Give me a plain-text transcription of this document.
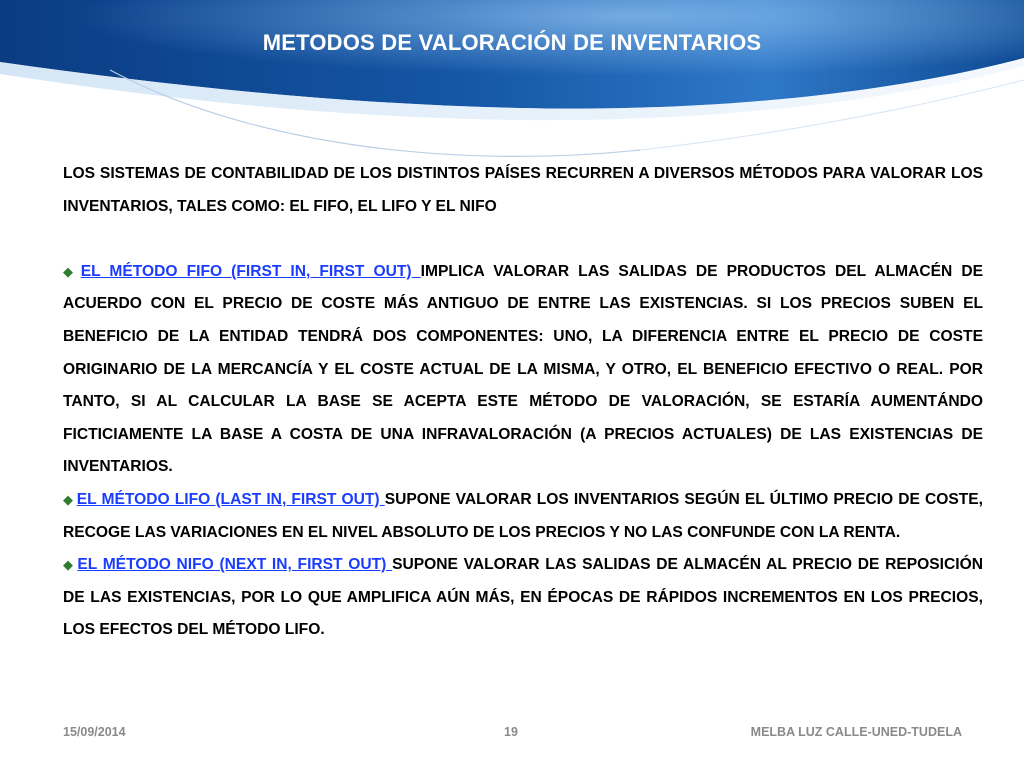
METODOS DE VALORACIÓN DE INVENTARIOS

LOS SISTEMAS DE CONTABILIDAD DE LOS DISTINTOS PAÍSES RECURREN A DIVERSOS MÉTODOS PARA VALORAR LOS INVENTARIOS, TALES COMO: EL FIFO, EL LIFO Y EL NIFO

◆ EL MÉTODO FIFO (FIRST IN, FIRST OUT) IMPLICA VALORAR LAS SALIDAS DE PRODUCTOS DEL ALMACÉN DE ACUERDO CON EL PRECIO DE COSTE MÁS ANTIGUO DE ENTRE LAS EXISTENCIAS. SI LOS PRECIOS SUBEN EL BENEFICIO DE LA ENTIDAD TENDRÁ DOS COMPONENTES: UNO, LA DIFERENCIA ENTRE EL PRECIO DE COSTE ORIGINARIO DE LA MERCANCÍA Y EL COSTE ACTUAL DE LA MISMA, Y OTRO, EL BENEFICIO EFECTIVO O REAL. POR TANTO, SI AL CALCULAR LA BASE SE ACEPTA ESTE MÉTODO DE VALORACIÓN, SE ESTARÍA AUMENTÁNDO FICTICIAMENTE LA BASE A COSTA DE UNA INFRAVALORACIÓN (A PRECIOS ACTUALES) DE LAS EXISTENCIAS DE INVENTARIOS.

◆ EL MÉTODO LIFO (LAST IN, FIRST OUT) SUPONE VALORAR LOS INVENTARIOS SEGÚN EL ÚLTIMO PRECIO DE COSTE, RECOGE LAS VARIACIONES EN EL NIVEL ABSOLUTO DE LOS PRECIOS Y NO LAS CONFUNDE CON LA RENTA.

◆ EL MÉTODO NIFO (NEXT IN, FIRST OUT) SUPONE VALORAR LAS SALIDAS DE ALMACÉN AL PRECIO DE REPOSICIÓN DE LAS EXISTENCIAS, POR LO QUE AMPLIFICA AÚN MÁS, EN ÉPOCAS DE RÁPIDOS INCREMENTOS EN LOS PRECIOS, LOS EFECTOS DEL MÉTODO LIFO.

15/09/2014	19	MELBA LUZ CALLE-UNED-TUDELA
